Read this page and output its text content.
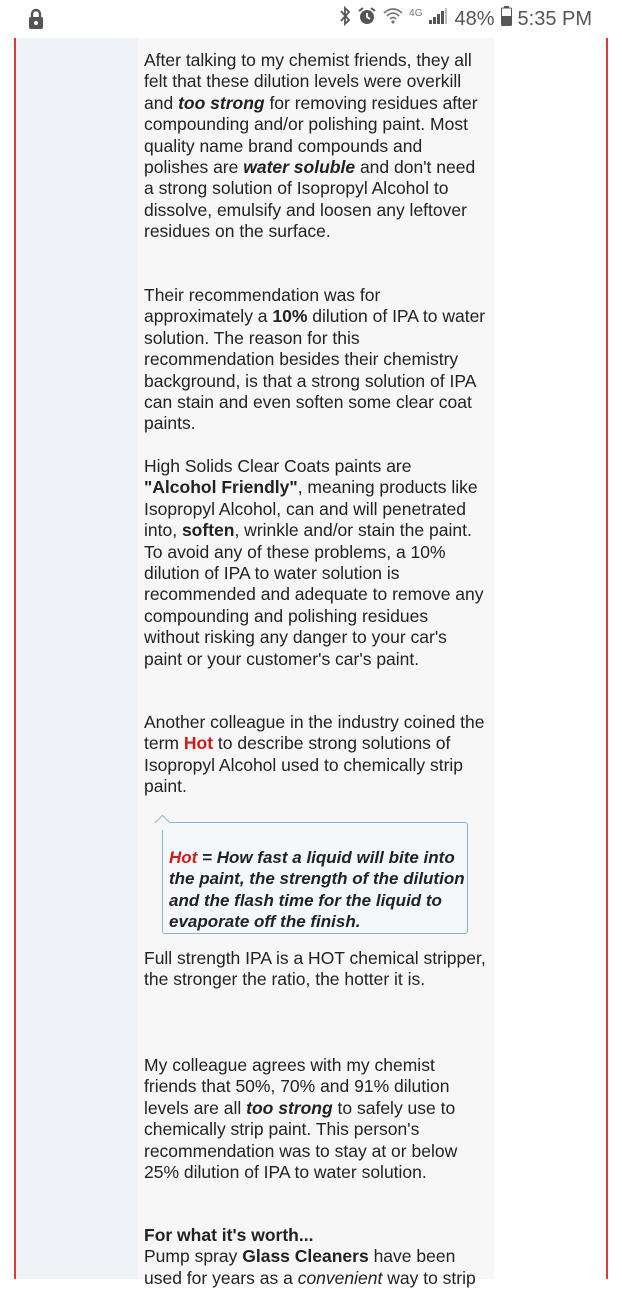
4G 48% 5:35 PM

After talking to my chemist friends, they all felt that these dilution levels were overkill and too strong for removing residues after compounding and/or polishing paint. Most quality name brand compounds and polishes are water soluble and don't need a strong solution of Isopropyl Alcohol to dissolve, emulsify and loosen any leftover residues on the surface.

Their recommendation was for approximately a 10% dilution of IPA to water solution. The reason for this recommendation besides their chemistry background, is that a strong solution of IPA can stain and even soften some clear coat paints.

High Solids Clear Coats paints are "Alcohol Friendly", meaning products like Isopropyl Alcohol, can and will penetrated into, soften, wrinkle and/or stain the paint. To avoid any of these problems, a 10% dilution of IPA to water solution is recommended and adequate to remove any compounding and polishing residues without risking any danger to your car's paint or your customer's car's paint.

Another colleague in the industry coined the term Hot to describe strong solutions of Isopropyl Alcohol used to chemically strip paint.

Full strength IPA is a HOT chemical stripper, the stronger the ratio, the hotter it is.

My colleague agrees with my chemist friends that 50%, 70% and 91% dilution levels are all too strong to safely use to chemically strip paint. This person's recommendation was to stay at or below 25% dilution of IPA to water solution.

For what it's worth...
Pump spray Glass Cleaners have been used for years as a convenient way to strip

Hot = How fast a liquid will bite into the paint, the strength of the dilution and the flash time for the liquid to evaporate off the finish.
